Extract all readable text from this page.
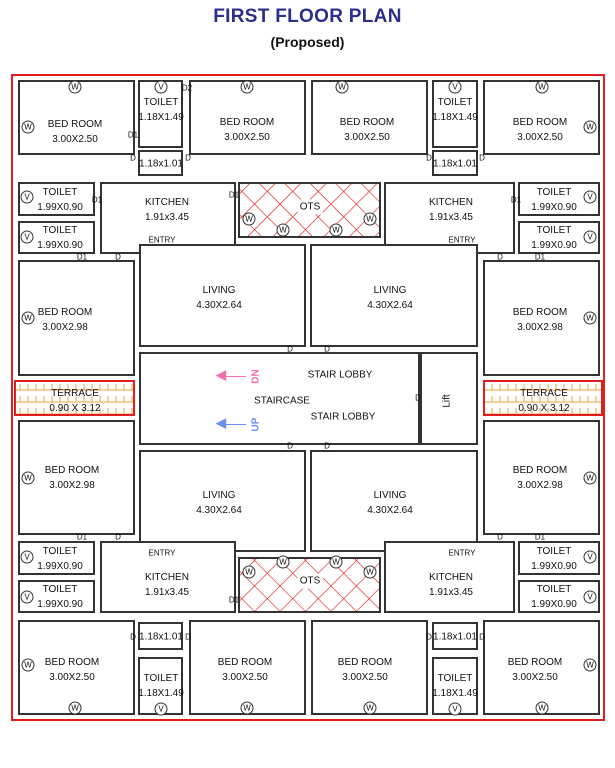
FIRST FLOOR PLAN
(Proposed)
BED ROOM
3.00X2.50
TOILET
1.18X1.49
1.18x1.01
BED ROOM
3.00X2.50
BED ROOM
3.00X2.50
TOILET
1.18X1.49
1.18x1.01
BED ROOM
3.00X2.50
TOILET
1.99X0.90
TOILET
1.99X0.90
KITCHEN
1.91x3.45
OTS	KITCHEN
1.91x3.45
TOILET
1.99X0.90
TOILET
1.99X0.90
LIVING
4.30X2.64
LIVING
4.30X2.64
BED ROOM
3.00X2.98
BED ROOM
3.00X2.98
TERRACE
0.90 X 3.12
TERRACE
0.90 X 3.12
STAIRCASE
STAIR LOBBY
STAIR LOBBY
Lift
BED ROOM
3.00X2.98
BED ROOM
3.00X2.98
LIVING
4.30X2.64
LIVING
4.30X2.64
TOILET
1.99X0.90
TOILET
1.99X0.90
KITCHEN
1.91x3.45
OTS	KITCHEN
1.91x3.45
TOILET
1.99X0.90
TOILET
1.99X0.90
BED ROOM
3.00X2.50
1.18x1.01
TOILET
1.18X1.49
BED ROOM
3.00X2.50
BED ROOM
3.00X2.50
1.18x1.01
TOILET
1.18X1.49
BED ROOM
3.00X2.50
W
W
V	W	W	V	W
W
D1
D2
D	D	D	D
V
V
V
V
D1	D1
D1
W
W	W
W
ENTRY	ENTRY
D1	D	D1
D
W	W
D	D
D
D	D
W	W
D1	D	D1
D
ENTRY	ENTRY
V
V
V
V
W
W	W
W
D1
D	D	D	D
W	W
W	V	W	W	V	W
◀—— DN
◀—— UP
